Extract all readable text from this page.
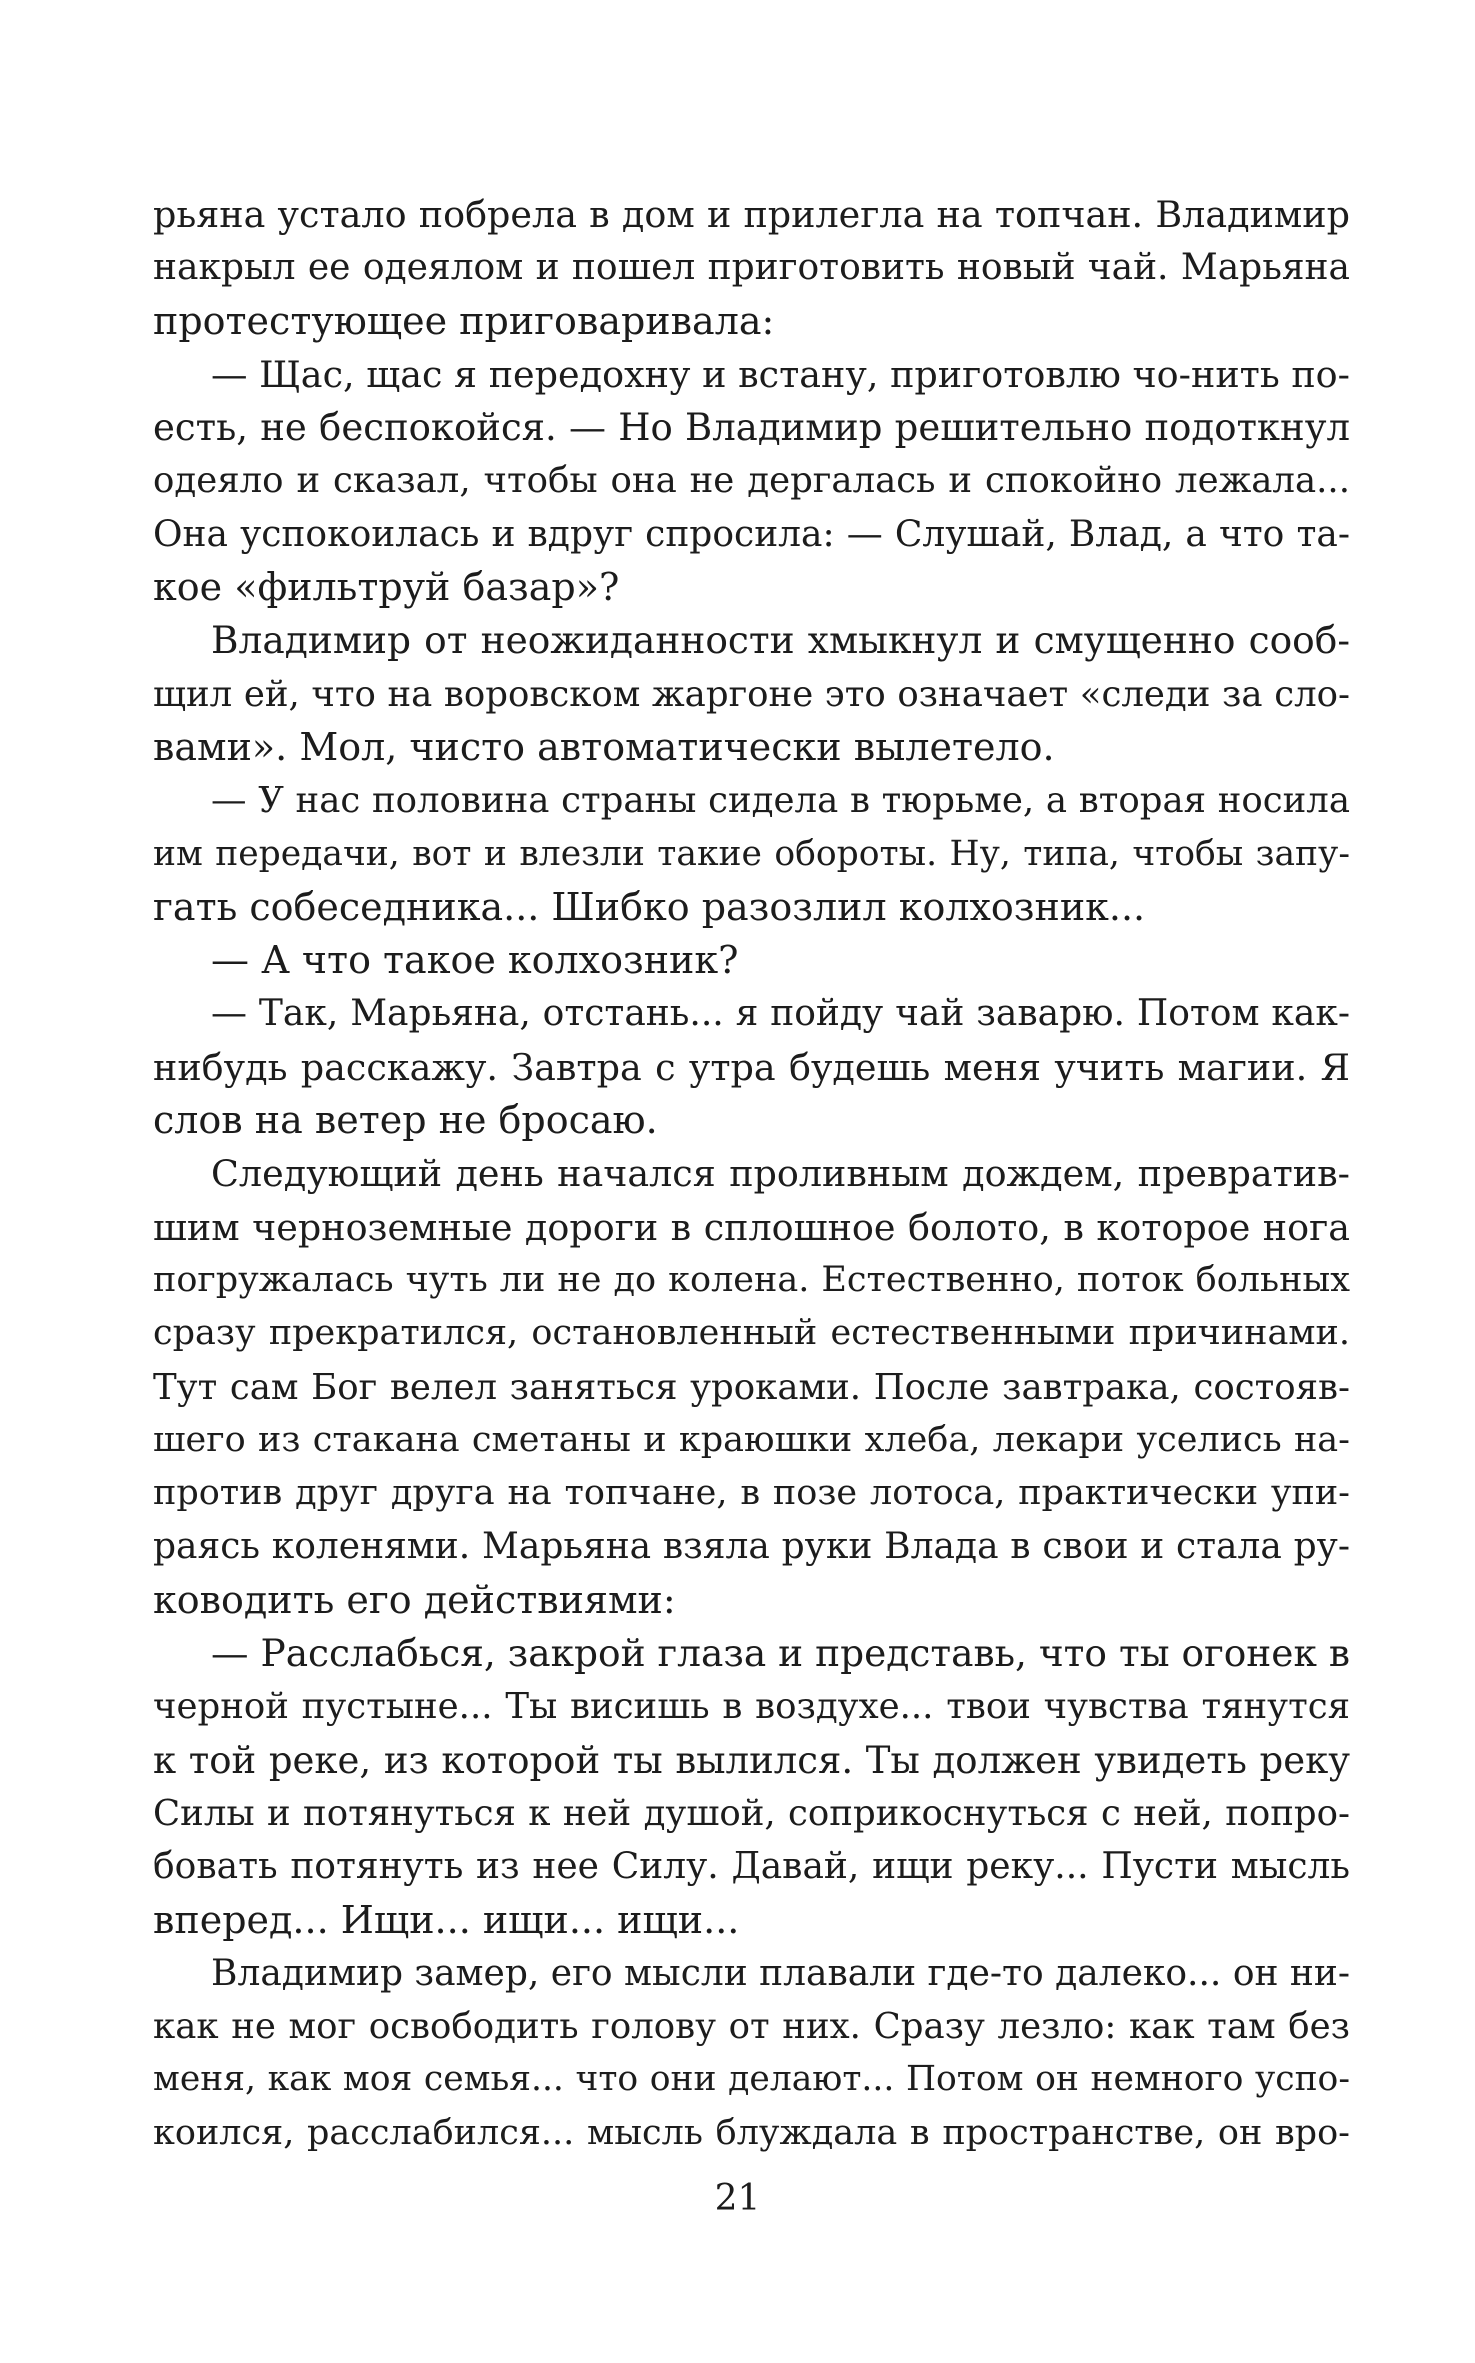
рьяна устало побрела в дом и прилегла на топчан. Владимир
накрыл ее одеялом и пошел приготовить новый чай. Марьяна
протестующее приговаривала:
— Щас, щас я передохну и встану, приготовлю чо-нить по-
есть, не беспокойся. — Но Владимир решительно подоткнул
одеяло и сказал, чтобы она не дергалась и спокойно лежала...
Она успокоилась и вдруг спросила: — Слушай, Влад, а что та-
кое «фильтруй базар»?
Владимир от неожиданности хмыкнул и смущенно сооб-
щил ей, что на воровском жаргоне это означает «следи за сло-
вами». Мол, чисто автоматически вылетело.
— У нас половина страны сидела в тюрьме, а вторая носила
им передачи, вот и влезли такие обороты. Ну, типа, чтобы запу-
гать собеседника... Шибко разозлил колхозник...
— А что такое колхозник?
— Так, Марьяна, отстань... я пойду чай заварю. Потом как-
нибудь расскажу. Завтра с утра будешь меня учить магии. Я
слов на ветер не бросаю.
Следующий день начался проливным дождем, превратив-
шим черноземные дороги в сплошное болото, в которое нога
погружалась чуть ли не до колена. Естественно, поток больных
сразу прекратился, остановленный естественными причинами.
Тут сам Бог велел заняться уроками. После завтрака, состояв-
шего из стакана сметаны и краюшки хлеба, лекари уселись на-
против друг друга на топчане, в позе лотоса, практически упи-
раясь коленями. Марьяна взяла руки Влада в свои и стала ру-
ководить его действиями:
— Расслабься, закрой глаза и представь, что ты огонек в
черной пустыне... Ты висишь в воздухе... твои чувства тянутся
к той реке, из которой ты вылился. Ты должен увидеть реку
Силы и потянуться к ней душой, соприкоснуться с ней, попро-
бовать потянуть из нее Силу. Давай, ищи реку... Пусти мысль
вперед... Ищи... ищи... ищи...
Владимир замер, его мысли плавали где-то далеко... он ни-
как не мог освободить голову от них. Сразу лезло: как там без
меня, как моя семья... что они делают... Потом он немного успо-
коился, расслабился... мысль блуждала в пространстве, он вро-
21
